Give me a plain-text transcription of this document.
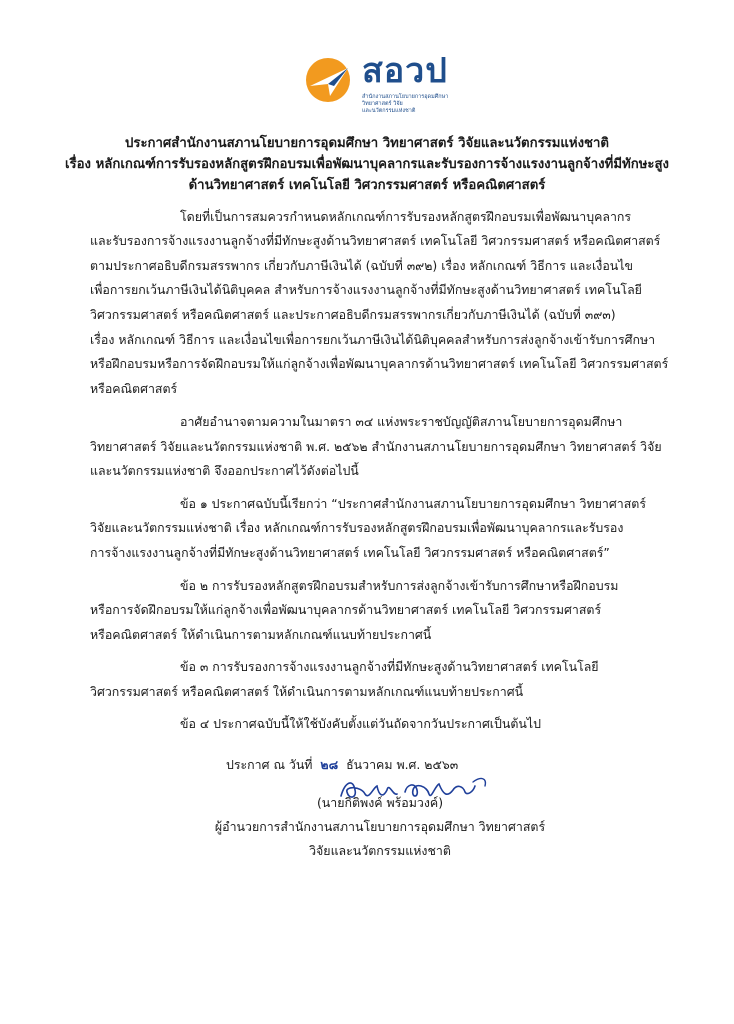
สอวป
สำนักงานสภานโยบายการอุดมศึกษา
วิทยาศาสตร์ วิจัย
และนวัตกรรมแห่งชาติ
ประกาศสำนักงานสภานโยบายการอุดมศึกษา วิทยาศาสตร์ วิจัยและนวัตกรรมแห่งชาติ
เรื่อง หลักเกณฑ์การรับรองหลักสูตรฝึกอบรมเพื่อพัฒนาบุคลากรและรับรองการจ้างแรงงานลูกจ้างที่มีทักษะสูง
ด้านวิทยาศาสตร์ เทคโนโลยี วิศวกรรมศาสตร์ หรือคณิตศาสตร์
โดยที่เป็นการสมควรกำหนดหลักเกณฑ์การรับรองหลักสูตรฝึกอบรมเพื่อพัฒนาบุคลากร
และรับรองการจ้างแรงงานลูกจ้างที่มีทักษะสูงด้านวิทยาศาสตร์ เทคโนโลยี วิศวกรรมศาสตร์ หรือคณิตศาสตร์
ตามประกาศอธิบดีกรมสรรพากร เกี่ยวกับภาษีเงินได้ (ฉบับที่ ๓๙๒) เรื่อง หลักเกณฑ์ วิธีการ และเงื่อนไข
เพื่อการยกเว้นภาษีเงินได้นิติบุคคล สำหรับการจ้างแรงงานลูกจ้างที่มีทักษะสูงด้านวิทยาศาสตร์ เทคโนโลยี
วิศวกรรมศาสตร์ หรือคณิตศาสตร์ และประกาศอธิบดีกรมสรรพากรเกี่ยวกับภาษีเงินได้ (ฉบับที่ ๓๙๓)
เรื่อง หลักเกณฑ์ วิธีการ และเงื่อนไขเพื่อการยกเว้นภาษีเงินได้นิติบุคคลสำหรับการส่งลูกจ้างเข้ารับการศึกษา
หรือฝึกอบรมหรือการจัดฝึกอบรมให้แก่ลูกจ้างเพื่อพัฒนาบุคลากรด้านวิทยาศาสตร์ เทคโนโลยี วิศวกรรมศาสตร์
หรือคณิตศาสตร์
อาศัยอำนาจตามความในมาตรา ๓๔ แห่งพระราชบัญญัติสภานโยบายการอุดมศึกษา
วิทยาศาสตร์ วิจัยและนวัตกรรมแห่งชาติ พ.ศ. ๒๕๖๒ สำนักงานสภานโยบายการอุดมศึกษา วิทยาศาสตร์ วิจัย
และนวัตกรรมแห่งชาติ จึงออกประกาศไว้ดังต่อไปนี้
ข้อ ๑ ประกาศฉบับนี้เรียกว่า “ประกาศสำนักงานสภานโยบายการอุดมศึกษา วิทยาศาสตร์
วิจัยและนวัตกรรมแห่งชาติ เรื่อง หลักเกณฑ์การรับรองหลักสูตรฝึกอบรมเพื่อพัฒนาบุคลากรและรับรอง
การจ้างแรงงานลูกจ้างที่มีทักษะสูงด้านวิทยาศาสตร์ เทคโนโลยี วิศวกรรมศาสตร์ หรือคณิตศาสตร์”
ข้อ ๒ การรับรองหลักสูตรฝึกอบรมสำหรับการส่งลูกจ้างเข้ารับการศึกษาหรือฝึกอบรม
หรือการจัดฝึกอบรมให้แก่ลูกจ้างเพื่อพัฒนาบุคลากรด้านวิทยาศาสตร์ เทคโนโลยี วิศวกรรมศาสตร์
หรือคณิตศาสตร์ ให้ดำเนินการตามหลักเกณฑ์แนบท้ายประกาศนี้
ข้อ ๓ การรับรองการจ้างแรงงานลูกจ้างที่มีทักษะสูงด้านวิทยาศาสตร์ เทคโนโลยี
วิศวกรรมศาสตร์ หรือคณิตศาสตร์ ให้ดำเนินการตามหลักเกณฑ์แนบท้ายประกาศนี้
ข้อ ๔ ประกาศฉบับนี้ให้ใช้บังคับตั้งแต่วันถัดจากวันประกาศเป็นต้นไป
ประกาศ ณ วันที่ ๒๘ ธันวาคม พ.ศ. ๒๕๖๓
(นายกิติพงค์ พร้อมวงค์)
ผู้อำนวยการสำนักงานสภานโยบายการอุดมศึกษา วิทยาศาสตร์
วิจัยและนวัตกรรมแห่งชาติ
